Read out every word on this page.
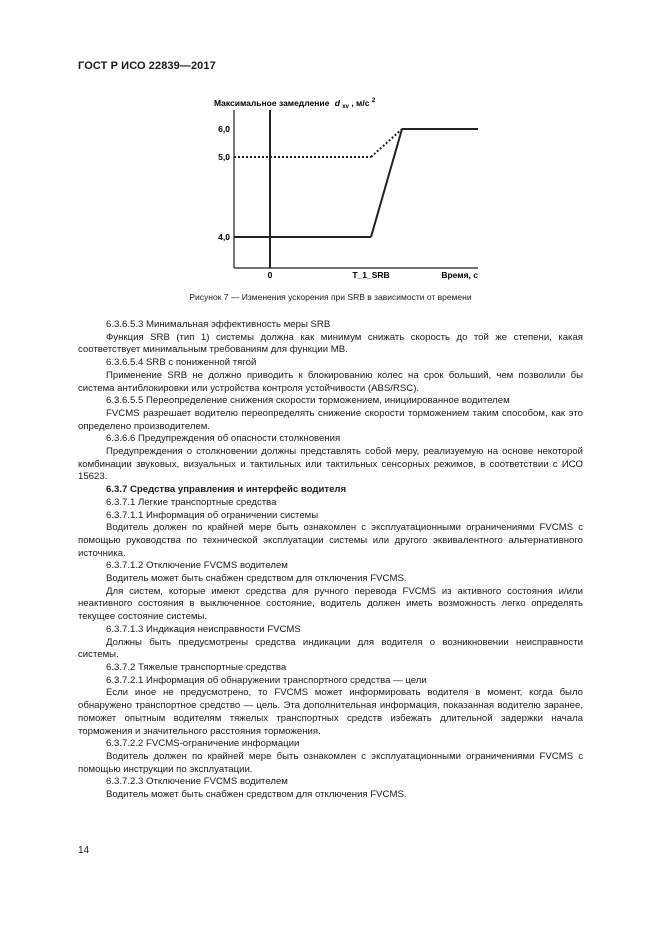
ГОСТ Р ИСО 22839—2017
Максимальное замедление d $_{xv}$ , м/с $^2$
Время, с
6,0
5,0
4,0
0	T_1_SRB
Рисунок 7 — Изменения ускорения при SRB в зависимости от времени

6.3.6.5.3 Минимальная эффективность меры SRB

Функция SRB (тип 1) системы должна как минимум снижать скорость до той же степени, какая соответствует минимальным требованиям для функции MB.

6.3.6.5.4 SRB с пониженной тягой

Применение SRB не должно приводить к блокированию колес на срок больший, чем позволили бы система антиблокировки или устройства контроля устойчивости (ABS/RSC).

6.3.6.5.5 Переопределение снижения скорости торможением, инициированное водителем

FVCMS разрешает водителю переопределять снижение скорости торможением таким способом, как это определено производителем.

6.3.6.6 Предупреждения об опасности столкновения

Предупреждения о столкновении должны представлять собой меру, реализуемую на основе некоторой комбинации звуковых, визуальных и тактильных или тактильных сенсорных режимов, в соответствии с ИСО 15623.

6.3.7 Средства управления и интерфейс водителя

6.3.7.1 Легкие транспортные средства

6.3.7.1.1 Информация об ограничении системы

Водитель должен по крайней мере быть ознакомлен с эксплуатационными ограничениями FVCMS с помощью руководства по технической эксплуатации системы или другого эквивалентного альтернативного источника.

6.3.7.1.2 Отключение FVCMS водителем

Водитель может быть снабжен средством для отключения FVCMS.

Для систем, которые имеют средства для ручного перевода FVCMS из активного состояния и/или неактивного состояния в выключенное состояние, водитель должен иметь возможность легко определять текущее состояние системы.

6.3.7.1.3 Индикация неисправности FVCMS

Должны быть предусмотрены средства индикации для водителя о возникновении неисправности системы.

6.3.7.2 Тяжелые транспортные средства

6.3.7.2.1 Информация об обнаружении транспортного средства — цели

Если иное не предусмотрено, то FVCMS может информировать водителя в момент, когда было обнаружено транспортное средство — цель. Эта дополнительная информация, показанная водителю заранее, поможет опытным водителям тяжелых транспортных средств избежать длительной задержки начала торможения и значительного расстояния торможения.

6.3.7.2.2 FVCMS-ограничение информации

Водитель должен по крайней мере быть ознакомлен с эксплуатационными ограничениями FVCMS с помощью инструкции по эксплуатации.

6.3.7.2.3 Отключение FVCMS водителем

Водитель может быть снабжен средством для отключения FVCMS.

14
